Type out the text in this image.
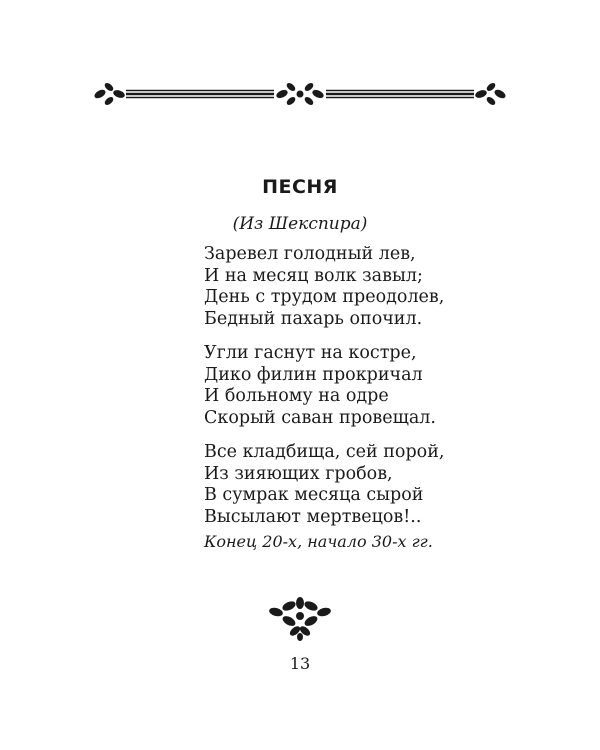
ПЕСНЯ
(Из Шекспира)
Заревел голодный лев,
И на месяц волк завыл;
День с трудом преодолев,
Бедный пахарь опочил.
Угли гаснут на костре,
Дико филин прокричал
И больному на одре
Скорый саван провещал.
Все кладбища, сей порой,
Из зияющих гробов,
В сумрак месяца сырой
Высылают мертвецов!..
Конец 20-х, начало 30-х гг.
13
